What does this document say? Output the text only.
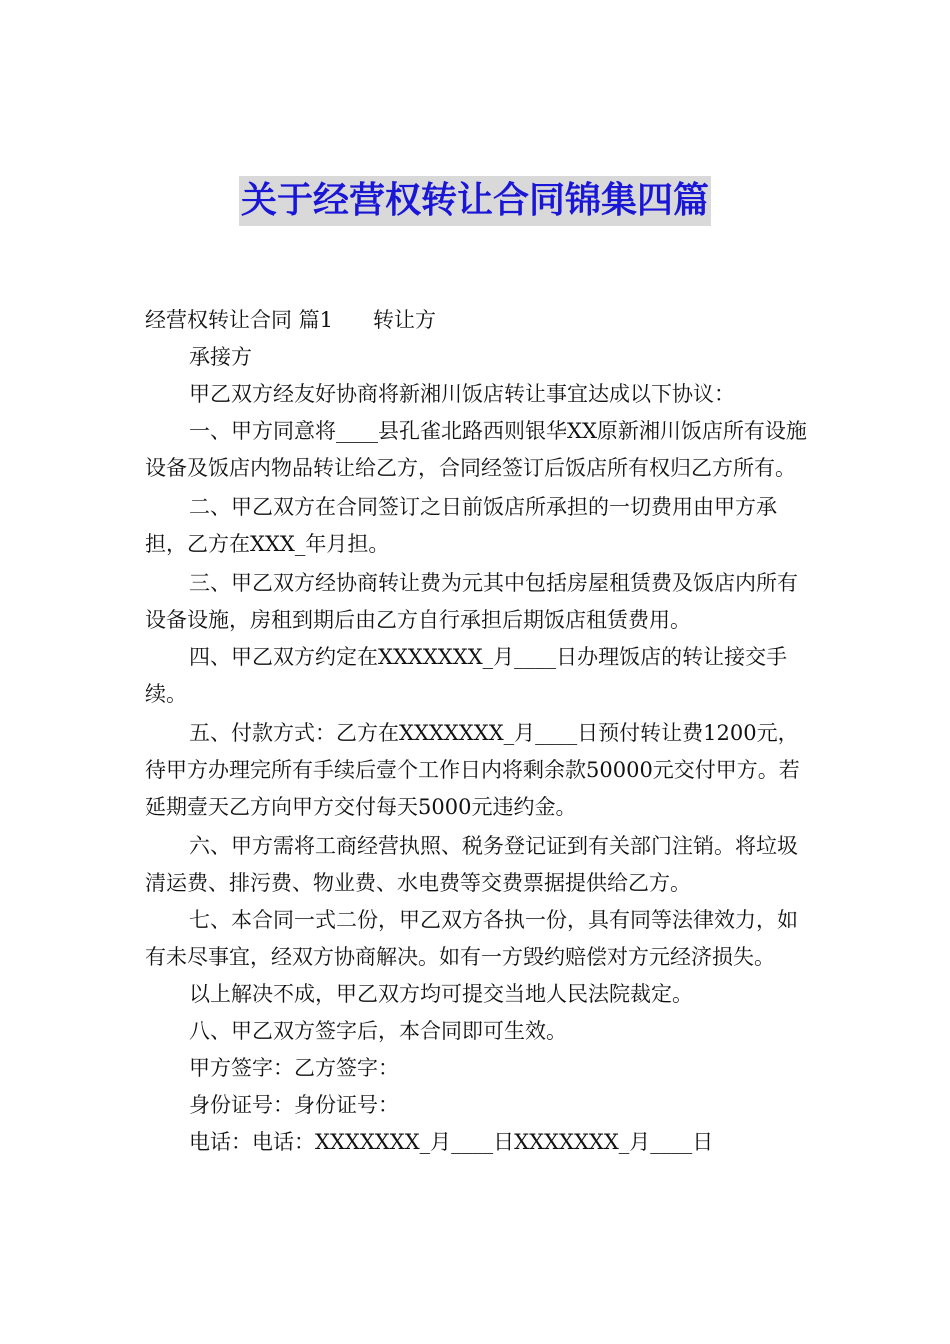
关于经营权转让合同锦集四篇

经营权转让合同 篇1 转让方

承接方

甲乙双方经友好协商将新湘川饭店转让事宜达成以下协议：

一、甲方同意将____县孔雀北路西则银华XX原新湘川饭店所有设施设备及饭店内物品转让给乙方，合同经签订后饭店所有权归乙方所有。

二、甲乙双方在合同签订之日前饭店所承担的一切费用由甲方承担，乙方在XXX_年月担。

三、甲乙双方经协商转让费为元其中包括房屋租赁费及饭店内所有设备设施，房租到期后由乙方自行承担后期饭店租赁费用。

四、甲乙双方约定在XXXXXXX_月____日办理饭店的转让接交手续。

五、付款方式：乙方在XXXXXXX_月____日预付转让费1200元，待甲方办理完所有手续后壹个工作日内将剩余款50000元交付甲方。若延期壹天乙方向甲方交付每天5000元违约金。

六、甲方需将工商经营执照、税务登记证到有关部门注销。将垃圾清运费、排污费、物业费、水电费等交费票据提供给乙方。

七、本合同一式二份，甲乙双方各执一份，具有同等法律效力，如有未尽事宜，经双方协商解决。如有一方毁约赔偿对方元经济损失。

以上解决不成，甲乙双方均可提交当地人民法院裁定。

八、甲乙双方签字后，本合同即可生效。

甲方签字：乙方签字：

身份证号：身份证号：

电话：电话：XXXXXXX_月____日XXXXXXX_月____日
